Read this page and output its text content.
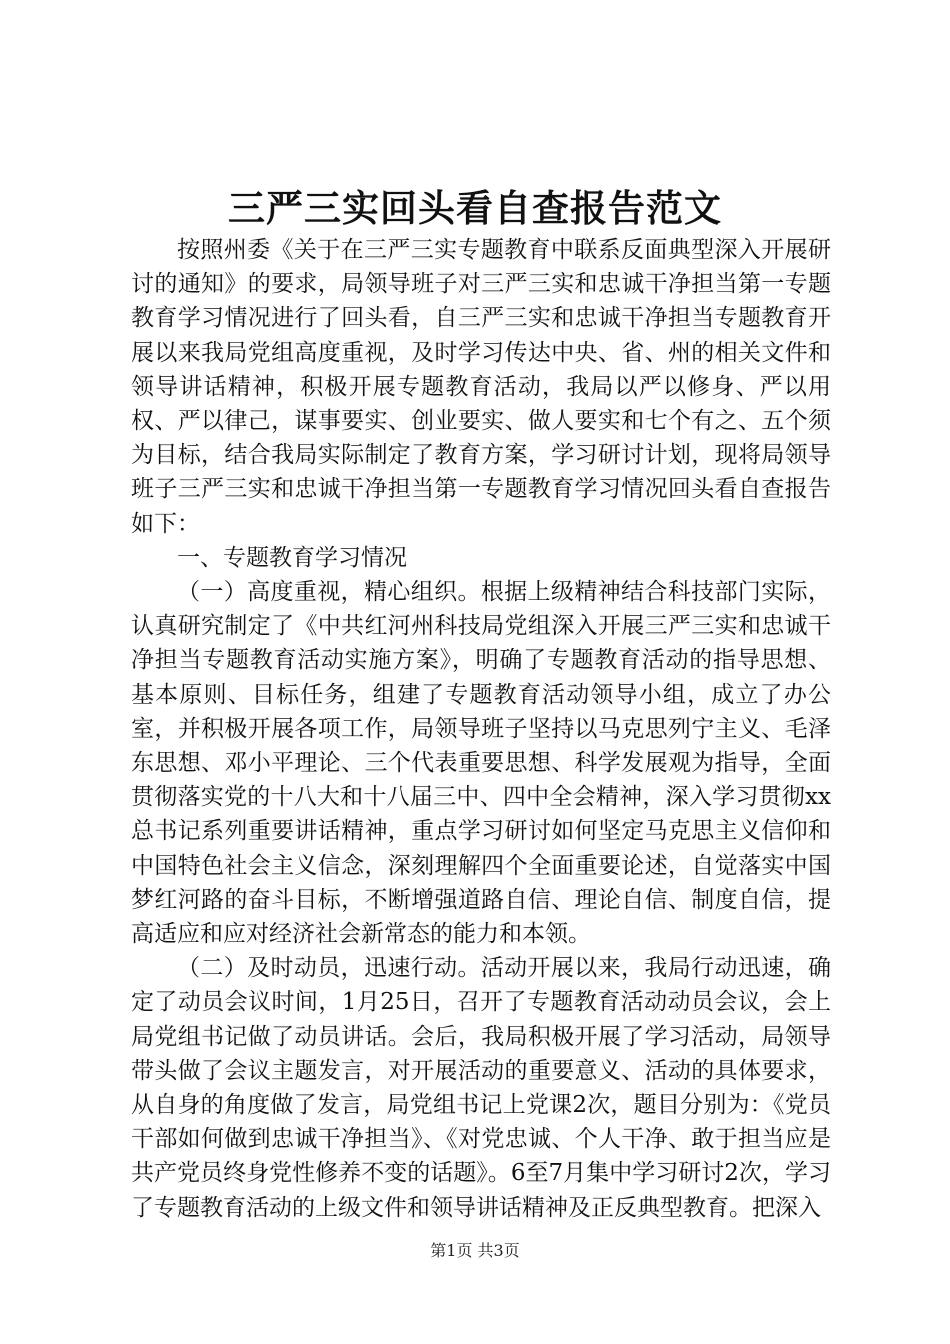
三严三实回头看自查报告范文

按照州委《关于在三严三实专题教育中联系反面典型深入开展研讨的通知》的要求，局领导班子对三严三实和忠诚干净担当第一专题教育学习情况进行了回头看，自三严三实和忠诚干净担当专题教育开展以来我局党组高度重视，及时学习传达中央、省、州的相关文件和领导讲话精神，积极开展专题教育活动，我局以严以修身、严以用权、严以律己，谋事要实、创业要实、做人要实和七个有之、五个须为目标，结合我局实际制定了教育方案，学习研讨计划，现将局领导班子三严三实和忠诚干净担当第一专题教育学习情况回头看自查报告如下：

一、专题教育学习情况

（一）高度重视，精心组织。根据上级精神结合科技部门实际，认真研究制定了《中共红河州科技局党组深入开展三严三实和忠诚干净担当专题教育活动实施方案》，明确了专题教育活动的指导思想、基本原则、目标任务，组建了专题教育活动领导小组，成立了办公室，并积极开展各项工作，局领导班子坚持以马克思列宁主义、毛泽东思想、邓小平理论、三个代表重要思想、科学发展观为指导，全面贯彻落实党的十八大和十八届三中、四中全会精神，深入学习贯彻xx总书记系列重要讲话精神，重点学习研讨如何坚定马克思主义信仰和中国特色社会主义信念，深刻理解四个全面重要论述，自觉落实中国梦红河路的奋斗目标，不断增强道路自信、理论自信、制度自信，提高适应和应对经济社会新常态的能力和本领。

（二）及时动员，迅速行动。活动开展以来，我局行动迅速，确定了动员会议时间，1月25日，召开了专题教育活动动员会议，会上局党组书记做了动员讲话。会后，我局积极开展了学习活动，局领导带头做了会议主题发言，对开展活动的重要意义、活动的具体要求，从自身的角度做了发言，局党组书记上党课2次，题目分别为：《党员干部如何做到忠诚干净担当》、《对党忠诚、个人干净、敢于担当应是共产党员终身党性修养不变的话题》。6至7月集中学习研讨2次，学习了专题教育活动的上级文件和领导讲话精神及正反典型教育。把深入

第1页 共3页
